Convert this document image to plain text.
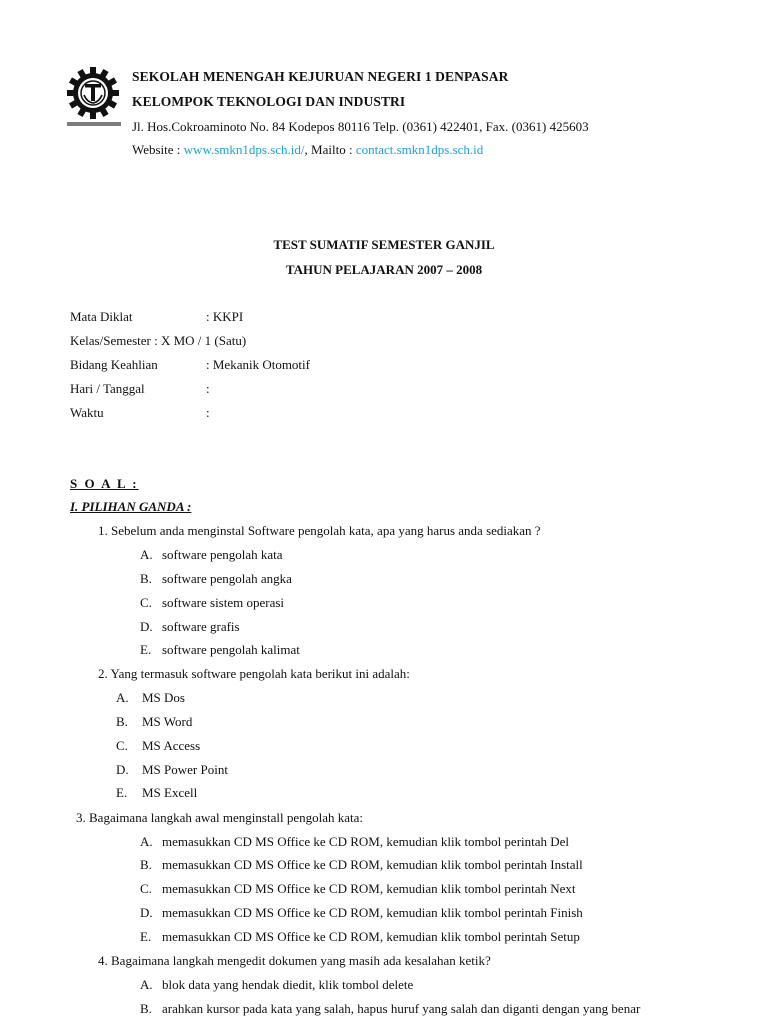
SEKOLAH MENENGAH KEJURUAN NEGERI 1 DENPASAR
KELOMPOK TEKNOLOGI DAN INDUSTRI
Jl. Hos.Cokroaminoto No. 84 Kodepos 80116 Telp. (0361) 422401, Fax. (0361) 425603
Website : www.smkn1dps.sch.id/, Mailto : contact.smkn1dps.sch.id
TEST SUMATIF SEMESTER GANJIL
TAHUN PELAJARAN 2007 – 2008
Mata Diklat	: KKPI
Kelas/Semester : X MO / 1 (Satu)
Bidang Keahlian	: Mekanik Otomotif
Hari / Tanggal	:
Waktu	:
S O A L :
I. PILIHAN GANDA :
1. Sebelum anda menginstal Software pengolah kata, apa yang harus anda sediakan ?
A. software pengolah kata
B. software pengolah angka
C. software sistem operasi
D. software grafis
E. software pengolah kalimat
2. Yang termasuk software pengolah kata berikut ini adalah:
A. MS Dos
B. MS Word
C. MS Access
D. MS Power Point
E. MS Excell
3. Bagaimana langkah awal menginstall pengolah kata:
A. memasukkan CD MS Office ke CD ROM, kemudian klik tombol perintah Del
B. memasukkan CD MS Office ke CD ROM, kemudian klik tombol perintah Install
C. memasukkan CD MS Office ke CD ROM, kemudian klik tombol perintah Next
D. memasukkan CD MS Office ke CD ROM, kemudian klik tombol perintah Finish
E. memasukkan CD MS Office ke CD ROM, kemudian klik tombol perintah Setup
4. Bagaimana langkah mengedit dokumen yang masih ada kesalahan ketik?
A. blok data yang hendak diedit, klik tombol delete
B. arahkan kursor pada kata yang salah, hapus huruf yang salah dan diganti dengan yang benar
